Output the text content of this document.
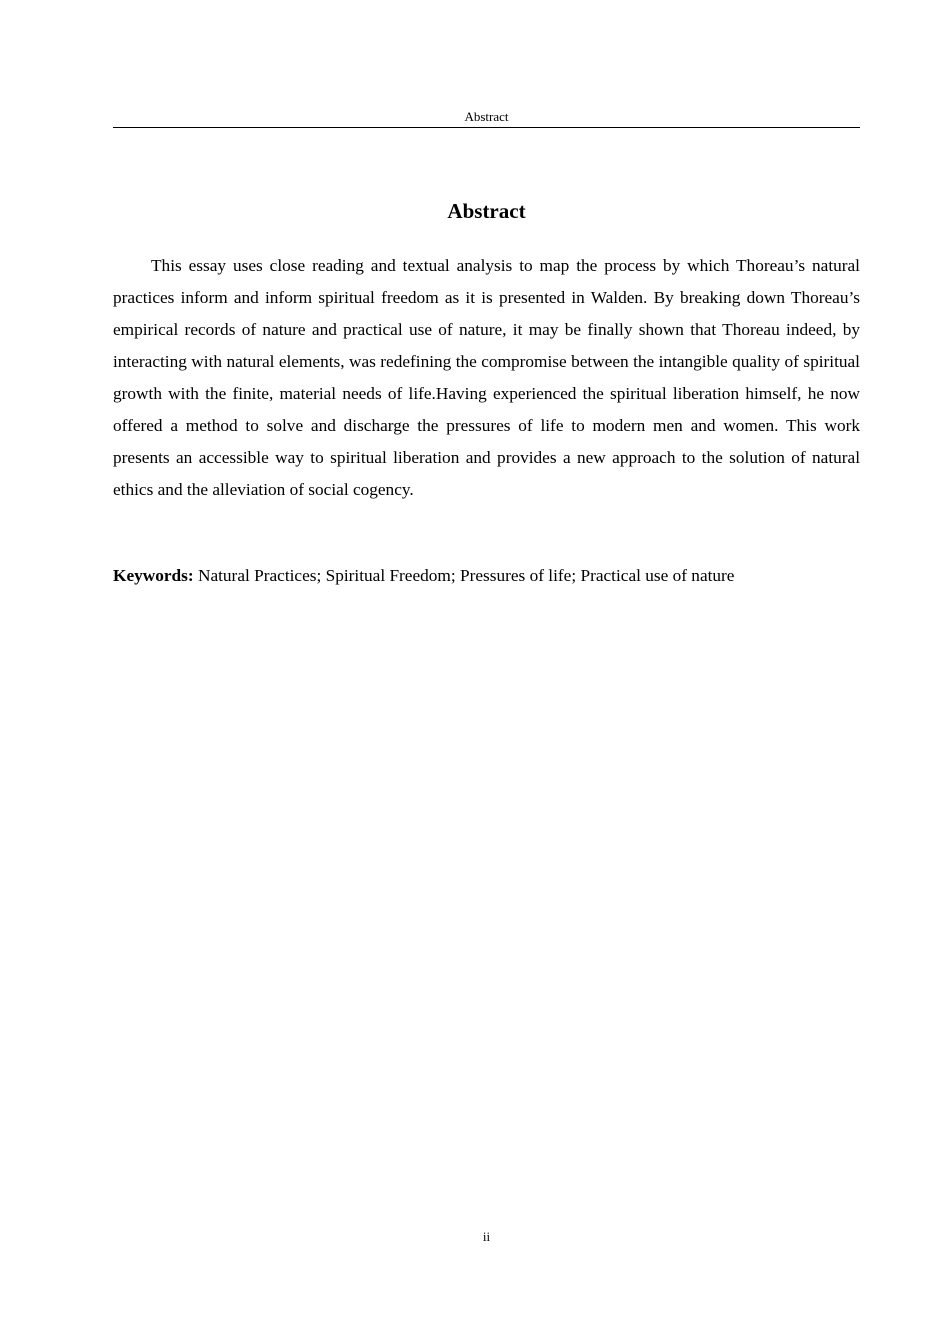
Abstract
Abstract

This essay uses close reading and textual analysis to map the process by which Thoreau’s natural practices inform and inform spiritual freedom as it is presented in Walden. By breaking down Thoreau’s empirical records of nature and practical use of nature, it may be finally shown that Thoreau indeed, by interacting with natural elements, was redefining the compromise between the intangible quality of spiritual growth with the finite, material needs of life.Having experienced the spiritual liberation himself, he now offered a method to solve and discharge the pressures of life to modern men and women. This work presents an accessible way to spiritual liberation and provides a new approach to the solution of natural ethics and the alleviation of social cogency.

Keywords: Natural Practices; Spiritual Freedom; Pressures of life; Practical use of nature

ii
